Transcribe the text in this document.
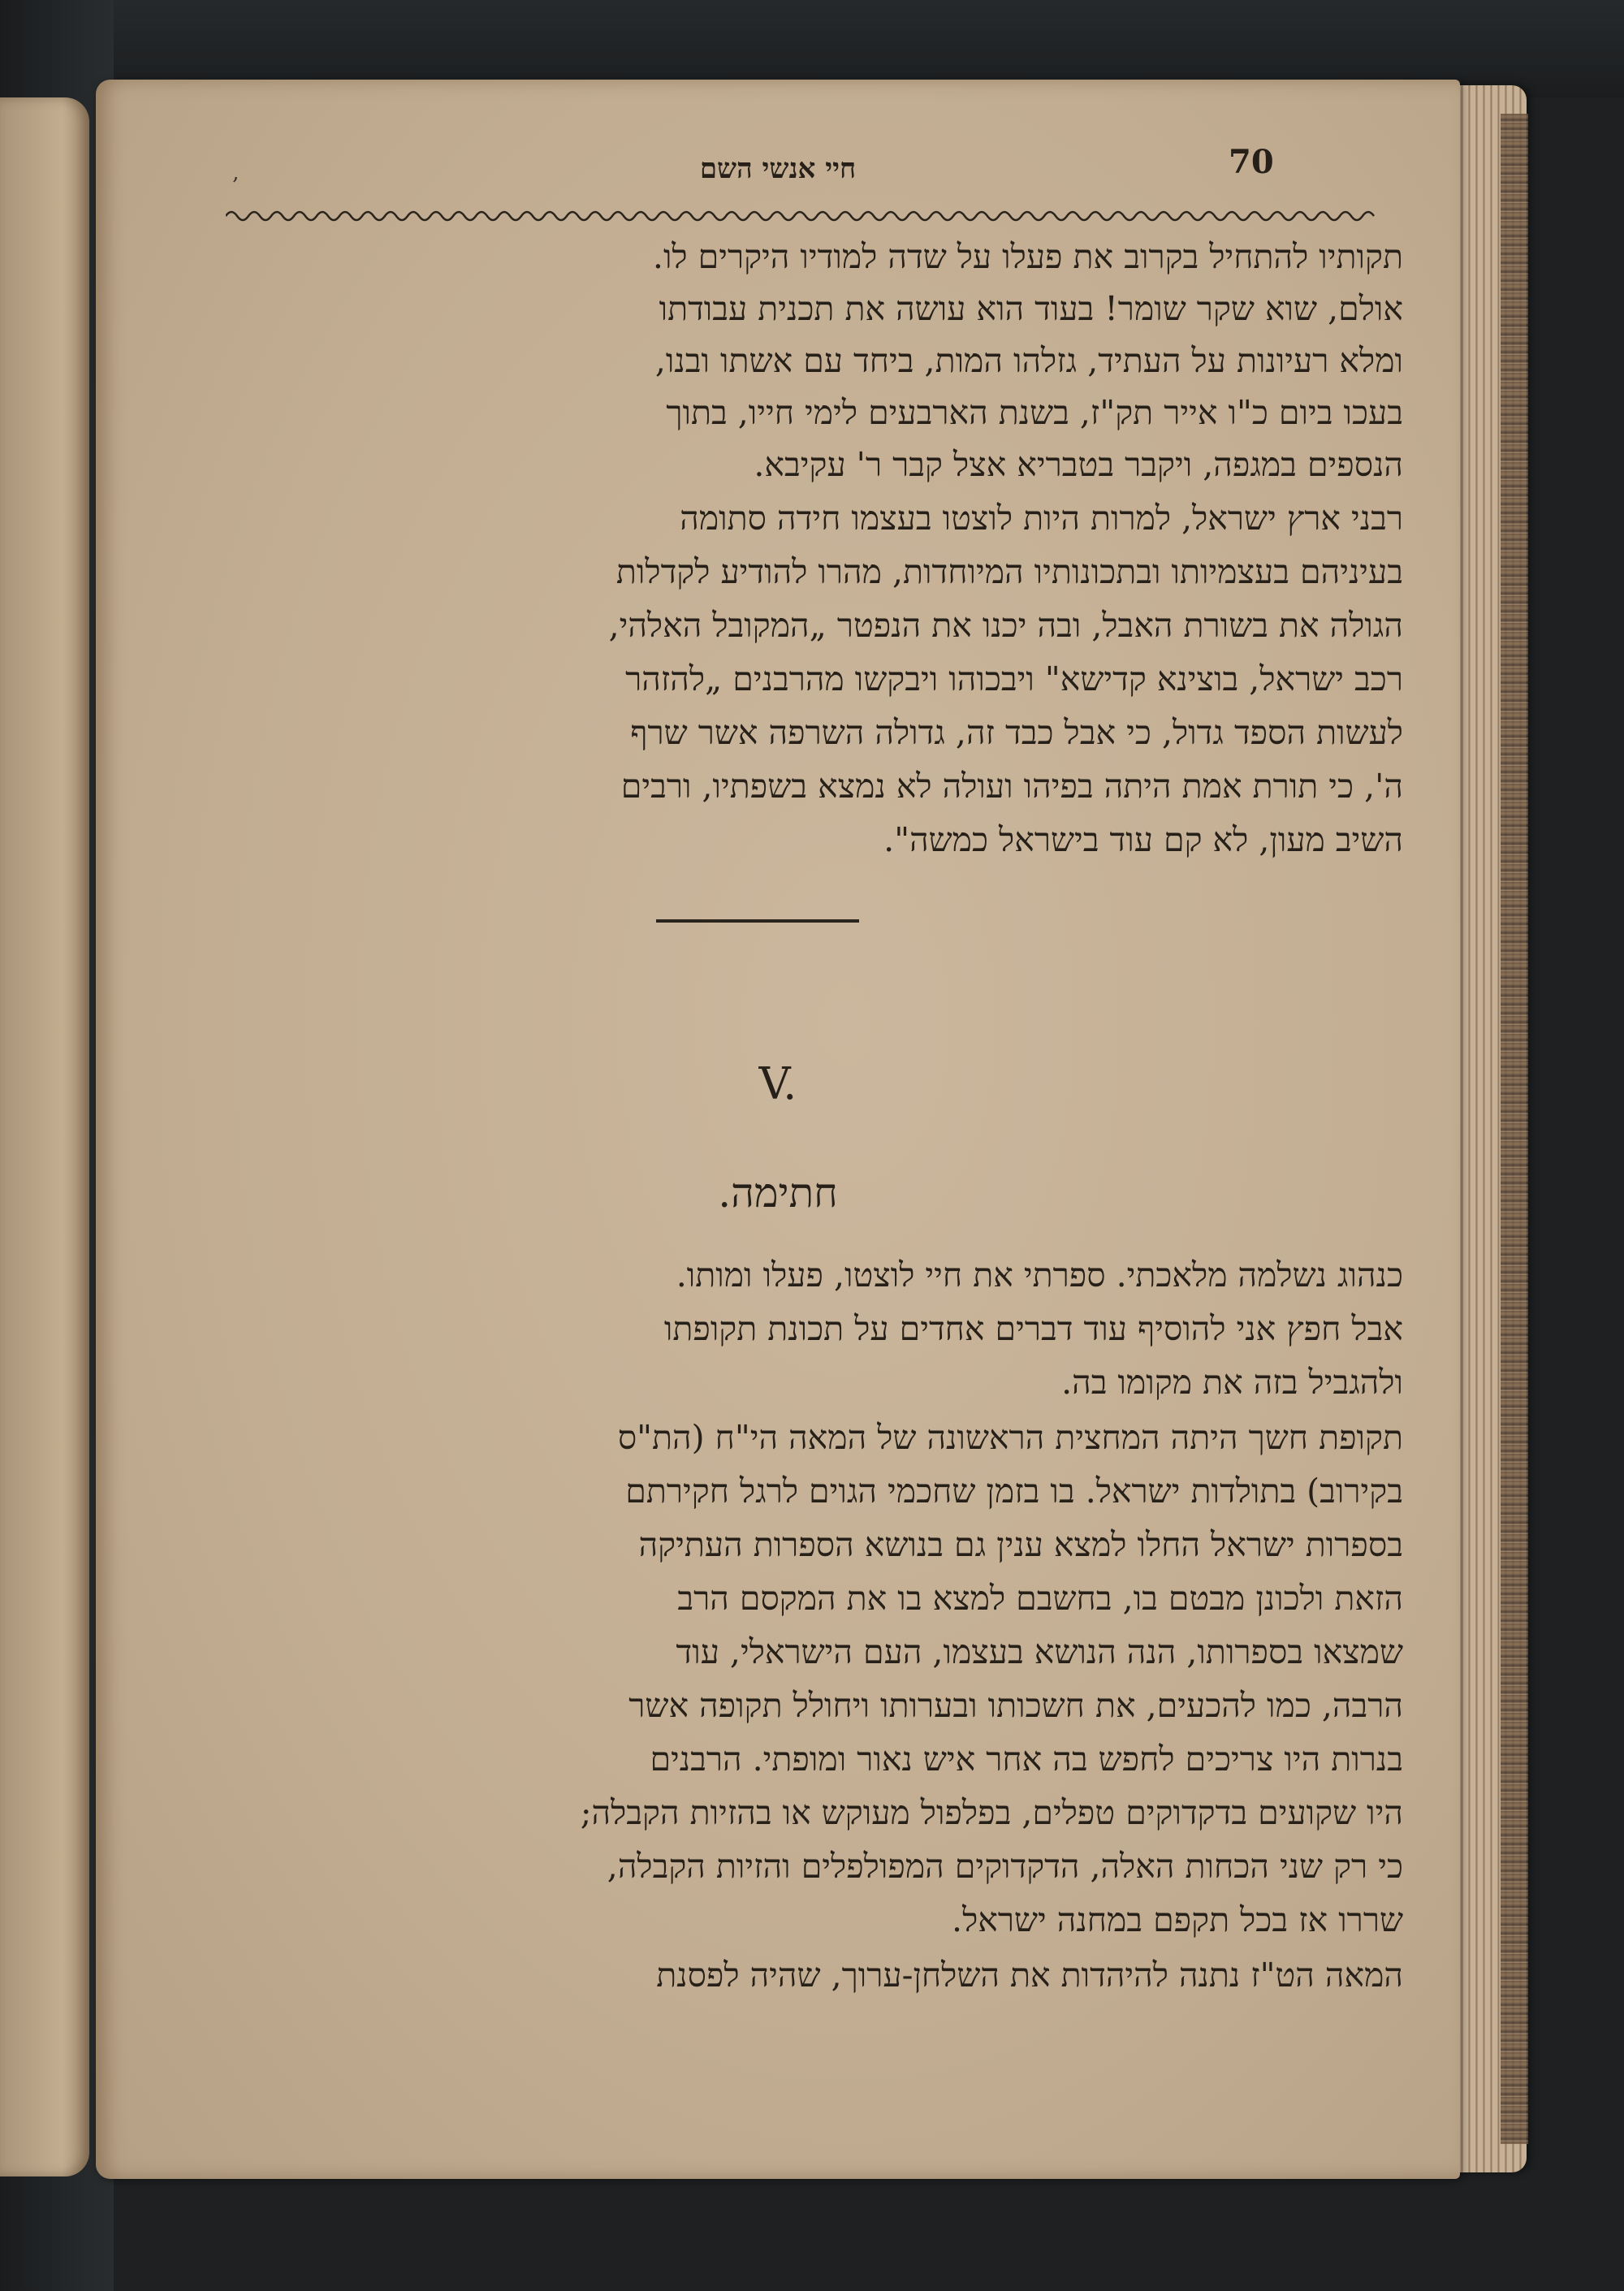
חיי אנשי השם	70
תקותיו להתחיל בקרוב את פעלו על שדה למודיו היקרים לו.
אולם, שוא שקר שומר! בעוד הוא עושה את תכנית עבודתו
ומלא רעיונות על העתיד, גזלהו המות, ביחד עם אשתו ובנו,
בעכו ביום כ"ו אייר תק"ז, בשנת הארבעים לימי חייו, בתוך
הנספים במגפה, ויקבר בטבריא אצל קבר ר' עקיבא.
רבני ארץ ישראל, למרות היות לוצטו בעצמו חידה סתומה
בעיניהם בעצמיותו ובתכונותיו המיוחדות, מהרו להודיע לקדלות
הגולה את בשורת האבל, ובה יכנו את הנפטר „המקובל האלהי,
רכב ישראל, בוצינא קדישא" ויבכוהו ויבקשו מהרבנים „להזהר
לעשות הספד גדול, כי אבל כבד זה, גדולה השרפה אשר שרף
ה', כי תורת אמת היתה בפיהו ועולה לא נמצא בשפתיו, ורבים
השיב מעון, לא קם עוד בישראל כמשה".
V.
חתימה.
כנהוג נשלמה מלאכתי. ספרתי את חיי לוצטו, פעלו ומותו.
אבל חפץ אני להוסיף עוד דברים אחדים על תכונת תקופתו
ולהגביל בזה את מקומו בה.
תקופת חשך היתה המחצית הראשונה של המאה הי"ח (הת"ס
בקירוב) בתולדות ישראל. בו בזמן שחכמי הגוים לרגל חקירתם
בספרות ישראל החלו למצא ענין גם בנושא הספרות העתיקה
הזאת ולכונן מבטם בו, בחשבם למצא בו את המקסם הרב
שמצאו בספרותו, הנה הנושא בעצמו, העם הישראלי, עוד
הרבה, כמו להכעים, את חשכותו ובערותו ויחולל תקופה אשר
בנרות היו צריכים לחפש בה אחר איש נאור ומופתי. הרבנים
היו שקועים בדקדוקים טפלים, בפלפול מעוקש או בהזיות הקבלה;
כי רק שני הכחות האלה, הדקדוקים המפולפלים והזיות הקבלה,
שררו אז בכל תקפם במחנה ישראל.
המאה הט"ז נתנה להיהדות את השלחן-ערוך, שהיה לפסנת
‚
